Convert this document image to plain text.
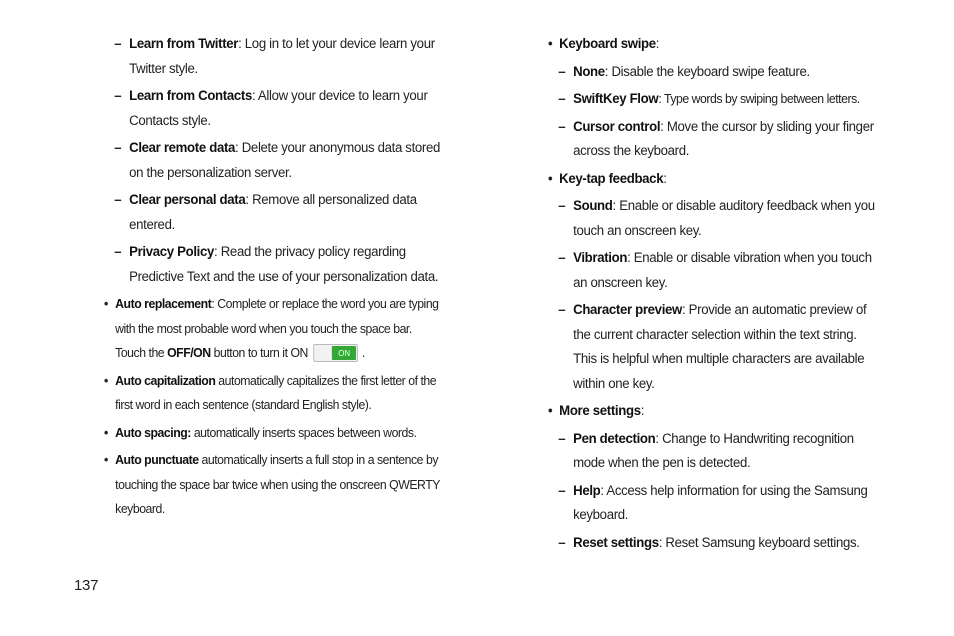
– Learn from Twitter: Log in to let your device learn your Twitter style.
– Learn from Contacts: Allow your device to learn your Contacts style.
– Clear remote data: Delete your anonymous data stored on the personalization server.
– Clear personal data: Remove all personalized data entered.
– Privacy Policy: Read the privacy policy regarding Predictive Text and the use of your personalization data.
• Auto replacement: Complete or replace the word you are typing with the most probable word when you touch the space bar. Touch the OFF/ON button to turn it ON	ON .
• Auto capitalization automatically capitalizes the first letter of the first word in each sentence (standard English style).
• Auto spacing: automatically inserts spaces between words.
• Auto punctuate automatically inserts a full stop in a sentence by touching the space bar twice when using the onscreen QWERTY keyboard.
• Keyboard swipe:
– None: Disable the keyboard swipe feature.
– SwiftKey Flow: Type words by swiping between letters.
– Cursor control: Move the cursor by sliding your finger across the keyboard.
• Key-tap feedback:
– Sound: Enable or disable auditory feedback when you touch an onscreen key.
– Vibration: Enable or disable vibration when you touch an onscreen key.
– Character preview: Provide an automatic preview of the current character selection within the text string. This is helpful when multiple characters are available within one key.
• More settings:
– Pen detection: Change to Handwriting recognition mode when the pen is detected.
– Help: Access help information for using the Samsung keyboard.
– Reset settings: Reset Samsung keyboard settings.
137
